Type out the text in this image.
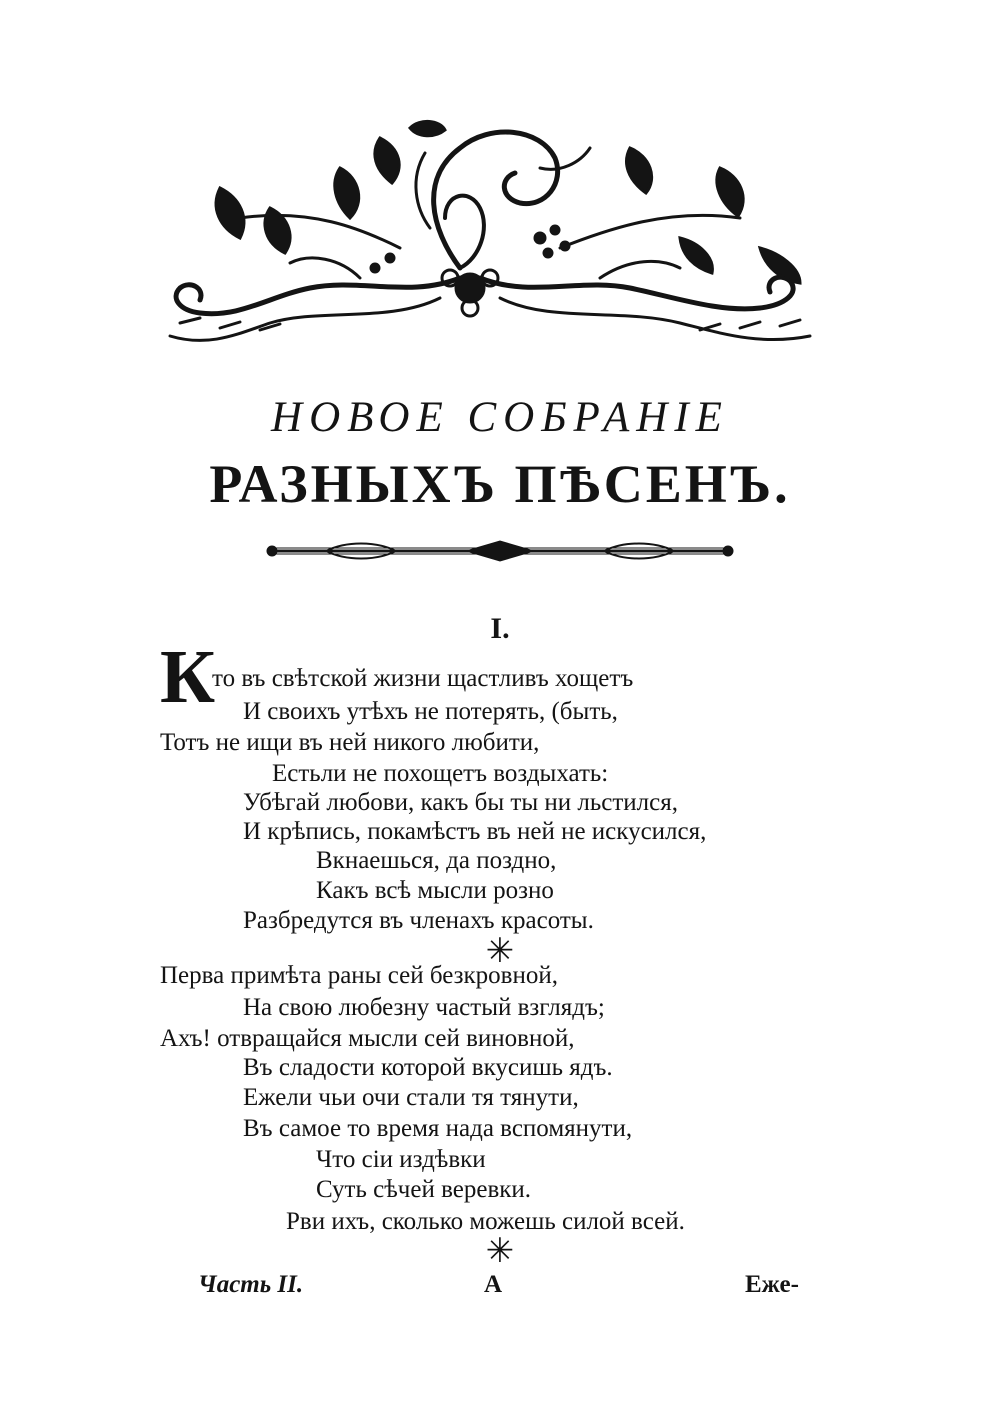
НОВОЕ СОБРАНIЕ
РАЗНЫХЪ ПѢСЕНЪ.
I.
К
то въ свѣтской жизни щастливъ хощетъ
И своихъ утѣхъ не потерять, (быть,
Тотъ не ищи въ ней никого любити,
Естьли не похощетъ воздыхать:
Убѣгай любови, какъ бы ты ни льстился,
И крѣпись, покамѣстъ въ ней не искусился,
Вкнаешься, да поздно,
Какъ всѣ мысли розно
Разбредутся въ членахъ красоты.
✳
Перва примѣта раны сей безкровной,
На свою любезну частый взглядъ;
Ахъ! отвращайся мысли сей виновной,
Въ сладости которой вкусишь ядъ.
Ежели чьи очи стали тя тянути,
Въ самое то время нада вспомянути,
Что сiи издѣвки
Суть сѣчей веревки.
Рви ихъ, сколько можешь силой всей.
✳
Часть II.	А	Еже-
